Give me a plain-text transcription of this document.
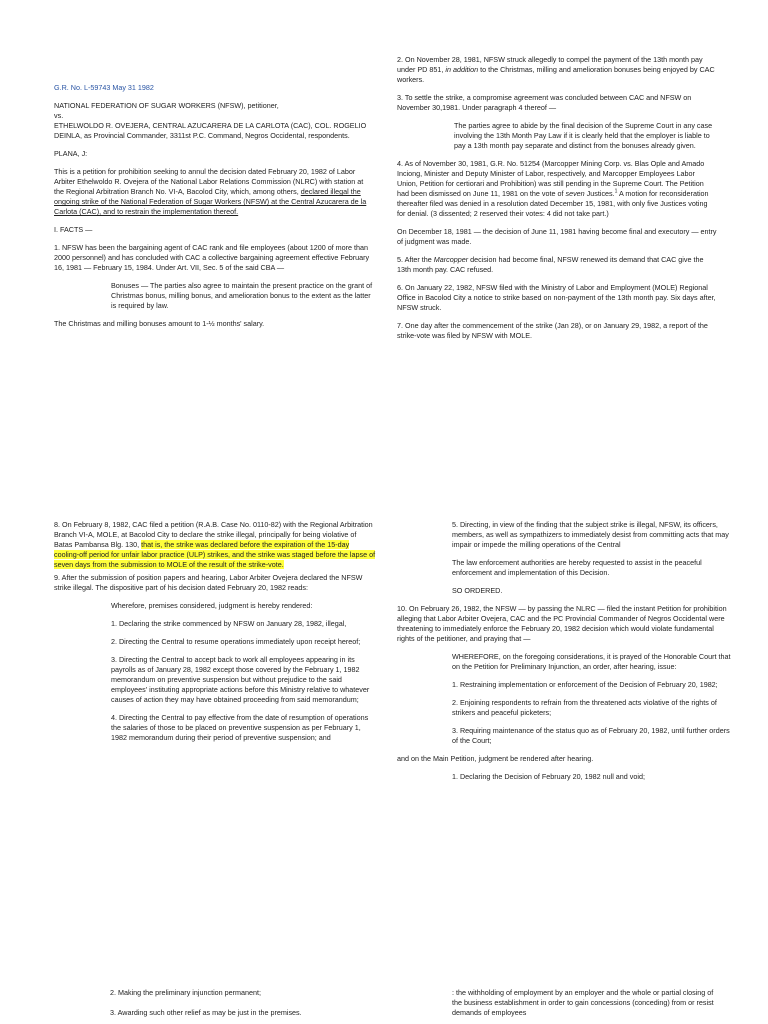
G.R. No. L-59743 May 31 1982

NATIONAL FEDERATION OF SUGAR WORKERS (NFSW), petitioner,

vs.

ETHELWOLDO R. OVEJERA, CENTRAL AZUCARERA DE LA CARLOTA (CAC), COL. ROGELIO DEINLA, as Provincial Commander, 3311st P.C. Command, Negros Occidental, respondents.

PLANA, J:

This is a petition for prohibition seeking to annul the decision dated February 20, 1982 of Labor Arbiter Ethelwoldo R. Ovejera of the National Labor Relations Commission (NLRC) with station at the Regional Arbitration Branch No. VI-A, Bacolod City, which, among others, declared illegal the ongoing strike of the National Federation of Sugar Workers (NFSW) at the Central Azucarera de la Carlota (CAC), and to restrain the implementation thereof.

I. FACTS —

1. NFSW has been the bargaining agent of CAC rank and file employees (about 1200 of more than 2000 personnel) and has concluded with CAC a collective bargaining agreement effective February 16, 1981 — February 15, 1984. Under Art. VII, Sec. 5 of the said CBA —

Bonuses — The parties also agree to maintain the present practice on the grant of Christmas bonus, milling bonus, and amelioration bonus to the extent as the latter is required by law.

The Christmas and milling bonuses amount to 1-½ months' salary.

2. On November 28, 1981, NFSW struck allegedly to compel the payment of the 13th month pay under PD 851, in addition to the Christmas, milling and amelioration bonuses being enjoyed by CAC workers.

3. To settle the strike, a compromise agreement was concluded between CAC and NFSW on November 30,1981. Under paragraph 4 thereof —

The parties agree to abide by the final decision of the Supreme Court in any case involving the 13th Month Pay Law if it is clearly held that the employer is liable to pay a 13th month pay separate and distinct from the bonuses already given.

4. As of November 30, 1981, G.R. No. 51254 (Marcopper Mining Corp. vs. Blas Ople and Amado Inciong, Minister and Deputy Minister of Labor, respectively, and Marcopper Employees Labor Union, Petition for certiorari and Prohibition) was still pending in the Supreme Court. The Petition had been dismissed on June 11, 1981 on the vote of seven Justices.$^1$ A motion for reconsideration thereafter filed was denied in a resolution dated December 15, 1981, with only five Justices voting for denial. (3 dissented; 2 reserved their votes: 4 did not take part.)

On December 18, 1981 — the decision of June 11, 1981 having become final and executory — entry of judgment was made.

5. After the Marcopper decision had become final, NFSW renewed its demand that CAC give the 13th month pay. CAC refused.

6. On January 22, 1982, NFSW filed with the Ministry of Labor and Employment (MOLE) Regional Office in Bacolod City a notice to strike based on non-payment of the 13th month pay. Six days after, NFSW struck.

7. One day after the commencement of the strike (Jan 28), or on January 29, 1982, a report of the strike-vote was filed by NFSW with MOLE.

8. On February 8, 1982, CAC filed a petition (R.A.B. Case No. 0110-82) with the Regional Arbitration Branch VI-A, MOLE, at Bacolod City to declare the strike illegal, principally for being violative of Batas Pambansa Blg. 130, that is, the strike was declared before the expiration of the 15-day cooling-off period for unfair labor practice (ULP) strikes, and the strike was staged before the lapse of seven days from the submission to MOLE of the result of the strike-vote.

9. After the submission of position papers and hearing, Labor Arbiter Ovejera declared the NFSW strike illegal. The dispositive part of his decision dated February 20, 1982 reads:

Wherefore, premises considered, judgment is hereby rendered:

1. Declaring the strike commenced by NFSW on January 28, 1982, illegal,

2. Directing the Central to resume operations immediately upon receipt hereof;

3. Directing the Central to accept back to work all employees appearing in its payrolls as of January 28, 1982 except those covered by the February 1, 1982 memorandum on preventive suspension but without prejudice to the said employees' instituting appropriate actions before this Ministry relative to whatever causes of action they may have obtained proceeding from said memorandum;

4. Directing the Central to pay effective from the date of resumption of operations the salaries of those to be placed on preventive suspension as per February 1, 1982 memorandum during their period of preventive suspension; and

5. Directing, in view of the finding that the subject strike is illegal, NFSW, its officers, members, as well as sympathizers to immediately desist from committing acts that may impair or impede the milling operations of the Central

The law enforcement authorities are hereby requested to assist in the peaceful enforcement and implementation of this Decision.

SO ORDERED.

10. On February 26, 1982, the NFSW — by passing the NLRC — filed the instant Petition for prohibition alleging that Labor Arbiter Ovejera, CAC and the PC Provincial Commander of Negros Occidental were threatening to immediately enforce the February 20, 1982 decision which would violate fundamental rights of the petitioner, and praying that —

WHEREFORE, on the foregoing considerations, it is prayed of the Honorable Court that on the Petition for Preliminary Injunction, an order, after hearing, issue:

1. Restraining implementation or enforcement of the Decision of February 20, 1982;

2. Enjoining respondents to refrain from the threatened acts violative of the rights of strikers and peaceful picketers;

3. Requiring maintenance of the status quo as of February 20, 1982, until further orders of the Court;

and on the Main Petition, judgment be rendered after hearing.

1. Declaring the Decision of February 20, 1982 null and void;

2. Making the preliminary injunction permanent;

3. Awarding such other relief as may be just in the premises.

: the withholding of employment by an employer and the whole or partial closing of the business establishment in order to gain concessions (conceding) from or resist demands of employees
